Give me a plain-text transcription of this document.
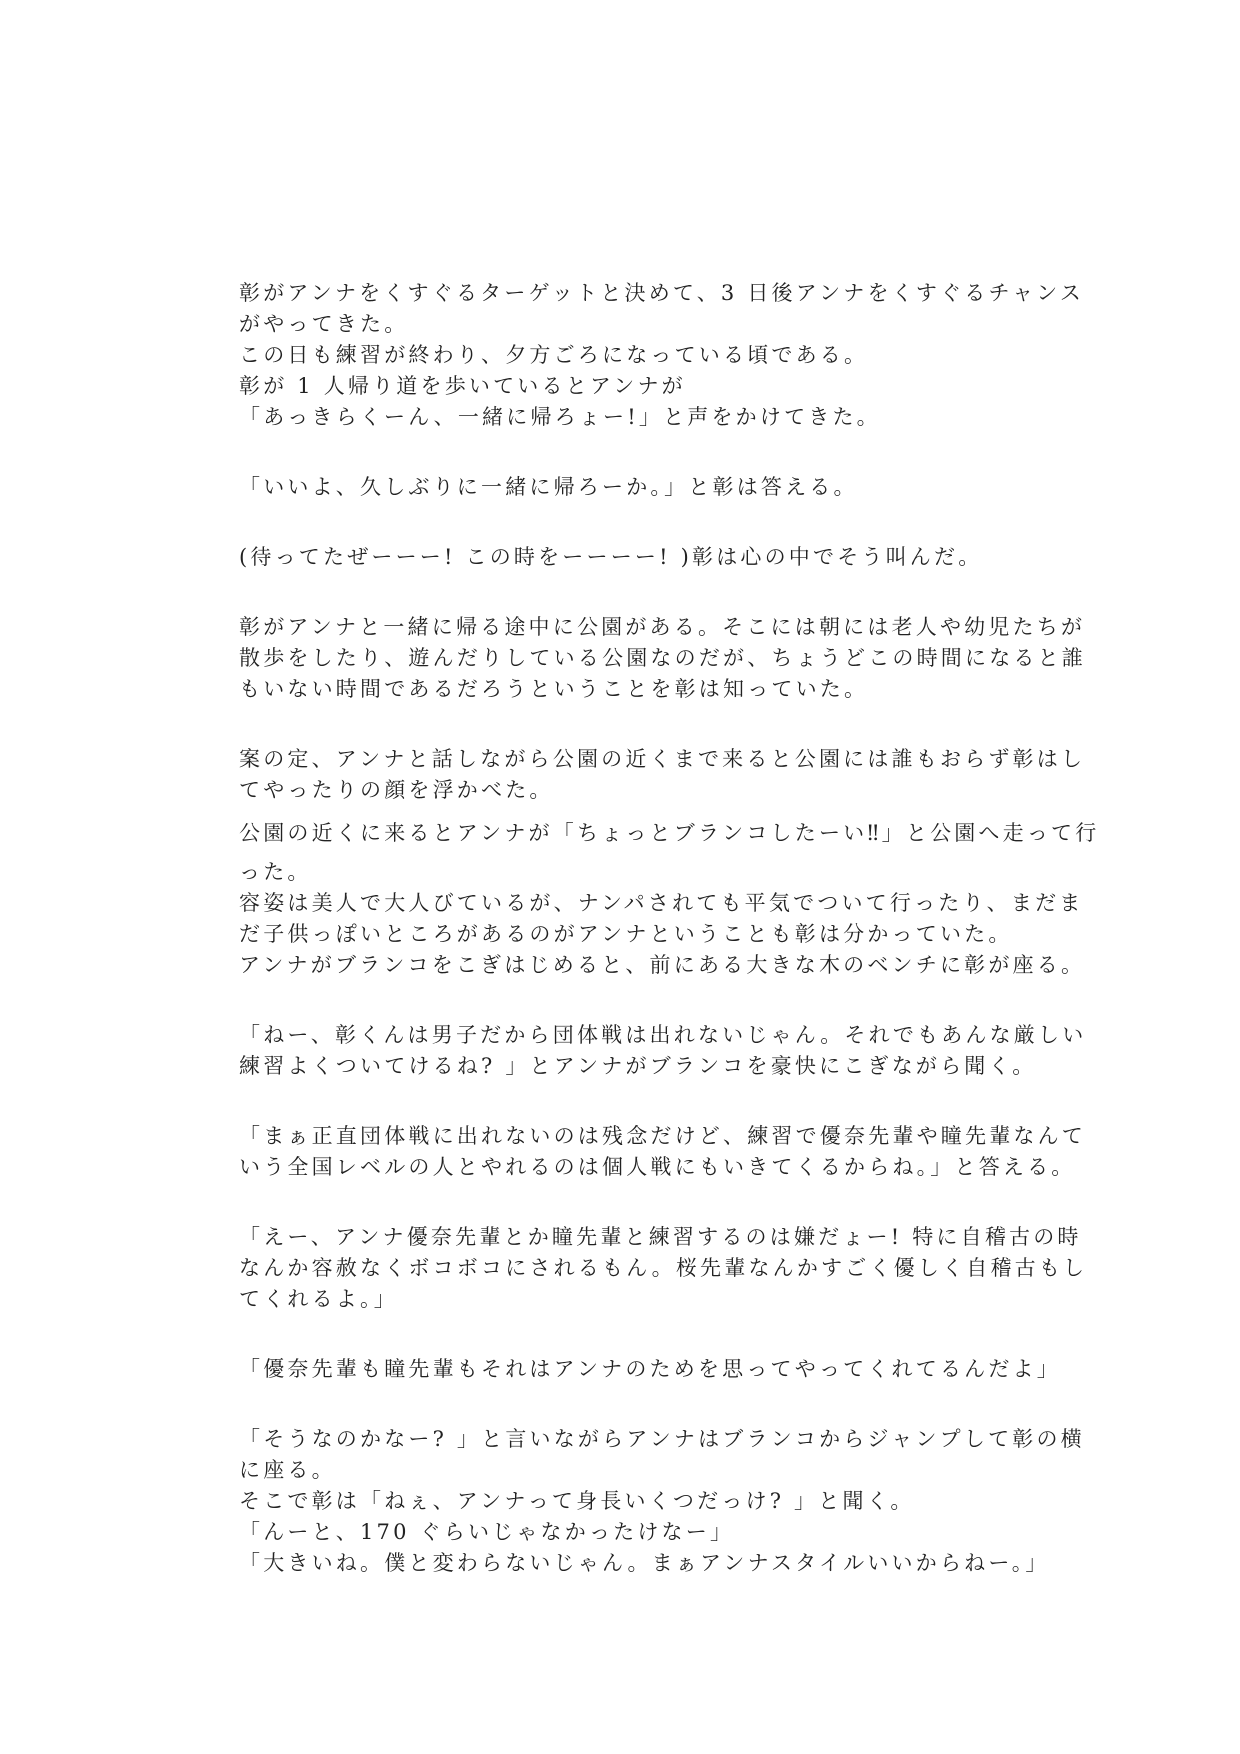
彰がアンナをくすぐるターゲットと決めて、3 日後アンナをくすぐるチャンス
がやってきた。
この日も練習が終わり、夕方ごろになっている頃である。
彰が 1 人帰り道を歩いているとアンナが
「あっきらくーん、一緒に帰ろょー!」と声をかけてきた。
「いいよ、久しぶりに一緒に帰ろーか。」と彰は答える。
(待ってたぜーーー! この時をーーーー! )彰は心の中でそう叫んだ。
彰がアンナと一緒に帰る途中に公園がある。そこには朝には老人や幼児たちが
散歩をしたり、遊んだりしている公園なのだが、ちょうどこの時間になると誰
もいない時間であるだろうということを彰は知っていた。
案の定、アンナと話しながら公園の近くまで来ると公園には誰もおらず彰はし
てやったりの顔を浮かべた。
公園の近くに来るとアンナが「ちょっとブランコしたーい‼」と公園へ走って行
った。
容姿は美人で大人びているが、ナンパされても平気でついて行ったり、まだま
だ子供っぽいところがあるのがアンナということも彰は分かっていた。
アンナがブランコをこぎはじめると、前にある大きな木のベンチに彰が座る。
「ねー、彰くんは男子だから団体戦は出れないじゃん。それでもあんな厳しい
練習よくついてけるね? 」とアンナがブランコを豪快にこぎながら聞く。
「まぁ正直団体戦に出れないのは残念だけど、練習で優奈先輩や瞳先輩なんて
いう全国レベルの人とやれるのは個人戦にもいきてくるからね。」と答える。
「えー、アンナ優奈先輩とか瞳先輩と練習するのは嫌だょー! 特に自稽古の時
なんか容赦なくボコボコにされるもん。桜先輩なんかすごく優しく自稽古もし
てくれるよ。」
「優奈先輩も瞳先輩もそれはアンナのためを思ってやってくれてるんだよ」
「そうなのかなー? 」と言いながらアンナはブランコからジャンプして彰の横
に座る。
そこで彰は「ねぇ、アンナって身長いくつだっけ? 」と聞く。
「んーと、170 ぐらいじゃなかったけなー」
「大きいね。僕と変わらないじゃん。まぁアンナスタイルいいからねー。」
